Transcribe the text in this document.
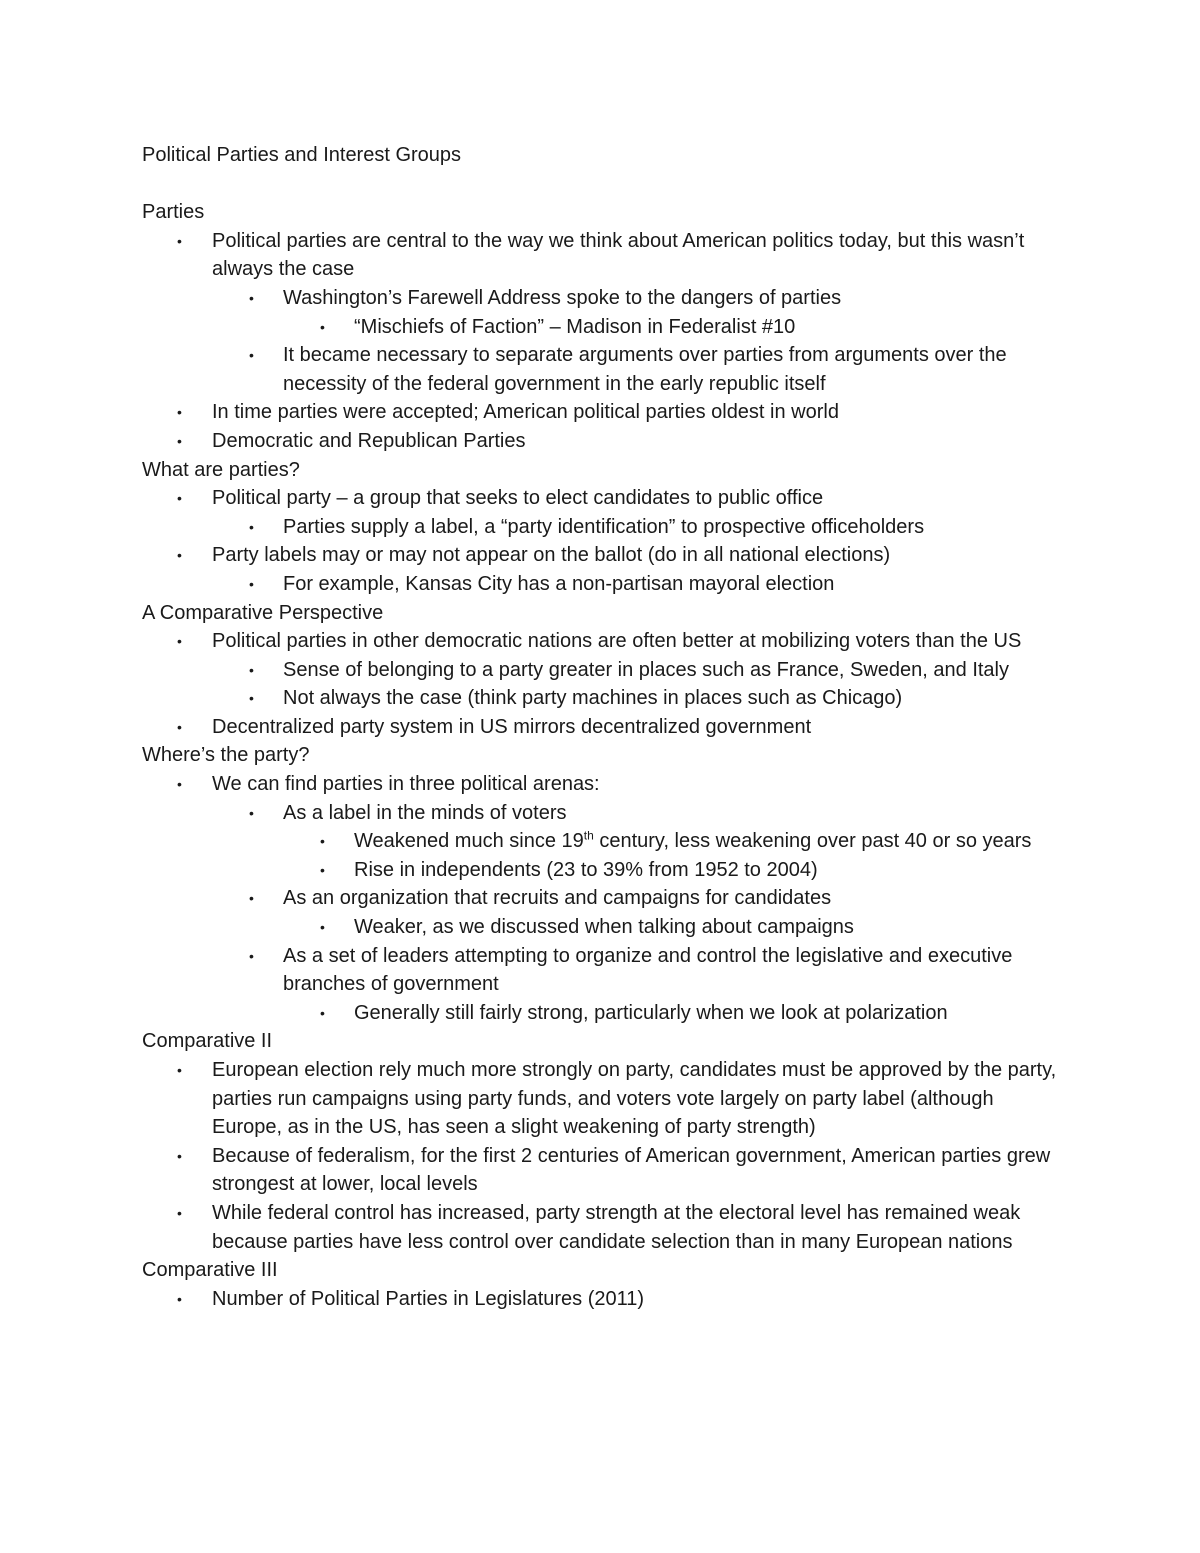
Political Parties and Interest Groups

Parties

• Political parties are central to the way we think about American politics today, but this wasn’t always the case

• Washington’s Farewell Address spoke to the dangers of parties

• “Mischiefs of Faction” – Madison in Federalist #10

• It became necessary to separate arguments over parties from arguments over the necessity of the federal government in the early republic itself

• In time parties were accepted; American political parties oldest in world

• Democratic and Republican Parties

What are parties?

• Political party – a group that seeks to elect candidates to public office

• Parties supply a label, a “party identification” to prospective officeholders

• Party labels may or may not appear on the ballot (do in all national elections)

• For example, Kansas City has a non-partisan mayoral election

A Comparative Perspective

• Political parties in other democratic nations are often better at mobilizing voters than the US

• Sense of belonging to a party greater in places such as France, Sweden, and Italy

• Not always the case (think party machines in places such as Chicago)

• Decentralized party system in US mirrors decentralized government

Where’s the party?

• We can find parties in three political arenas:

• As a label in the minds of voters

• Weakened much since 19th century, less weakening over past 40 or so years

• Rise in independents (23 to 39% from 1952 to 2004)

• As an organization that recruits and campaigns for candidates

• Weaker, as we discussed when talking about campaigns

• As a set of leaders attempting to organize and control the legislative and executive branches of government

• Generally still fairly strong, particularly when we look at polarization

Comparative II

• European election rely much more strongly on party, candidates must be approved by the party, parties run campaigns using party funds, and voters vote largely on party label (although Europe, as in the US, has seen a slight weakening of party strength)

• Because of federalism, for the first 2 centuries of American government, American parties grew strongest at lower, local levels

• While federal control has increased, party strength at the electoral level has remained weak because parties have less control over candidate selection than in many European nations

Comparative III

• Number of Political Parties in Legislatures (2011)
